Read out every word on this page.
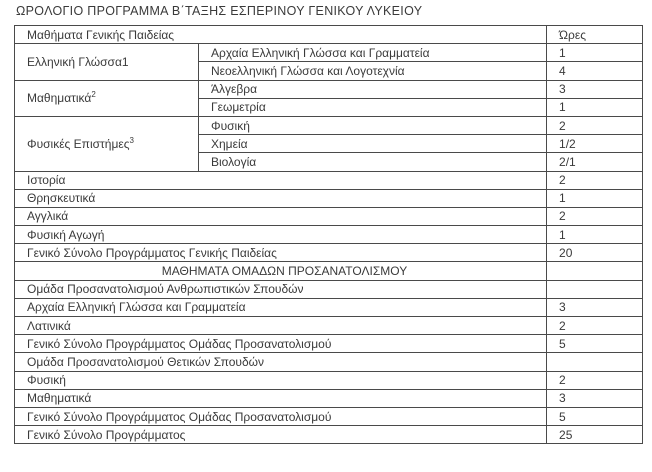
ΩΡΟΛΟΓΙΟ ΠΡΟΓΡΑΜΜΑ Β΄ΤΑΞΗΣ ΕΣΠΕΡΙΝΟΥ ΓΕΝΙΚΟΥ ΛΥΚΕΙΟΥ
Μαθήματα Γενικής Παιδείας		Ώρες
Ελληνική Γλώσσα1	Αρχαία Ελληνική Γλώσσα και Γραμματεία	1
	Νεοελληνική Γλώσσα και Λογοτεχνία	4
Μαθηματικά$^2$	Άλγεβρα	3
	Γεωμετρία	1
Φυσικές Επιστήμες$^3$	Φυσική	2
	Χημεία	1/2
	Βιολογία	2/1
Ιστορία		2
Θρησκευτικά		1
Αγγλικά		2
Φυσική Αγωγή		1
Γενικό Σύνολο Προγράμματος Γενικής Παιδείας		20
ΜΑΘΗΜΑΤΑ ΟΜΑΔΩΝ ΠΡΟΣΑΝΑΤΟΛΙΣΜΟΥ		
Ομάδα Προσανατολισμού Ανθρωπιστικών Σπουδών		
Αρχαία Ελληνική Γλώσσα και Γραμματεία		3
Λατινικά		2
Γενικό Σύνολο Προγράμματος Ομάδας Προσανατολισμού		5
Ομάδα Προσανατολισμού Θετικών Σπουδών		
Φυσική		2
Μαθηματικά		3
Γενικό Σύνολο Προγράμματος Ομάδας Προσανατολισμού		5
Γενικό Σύνολο Προγράμματος		25
